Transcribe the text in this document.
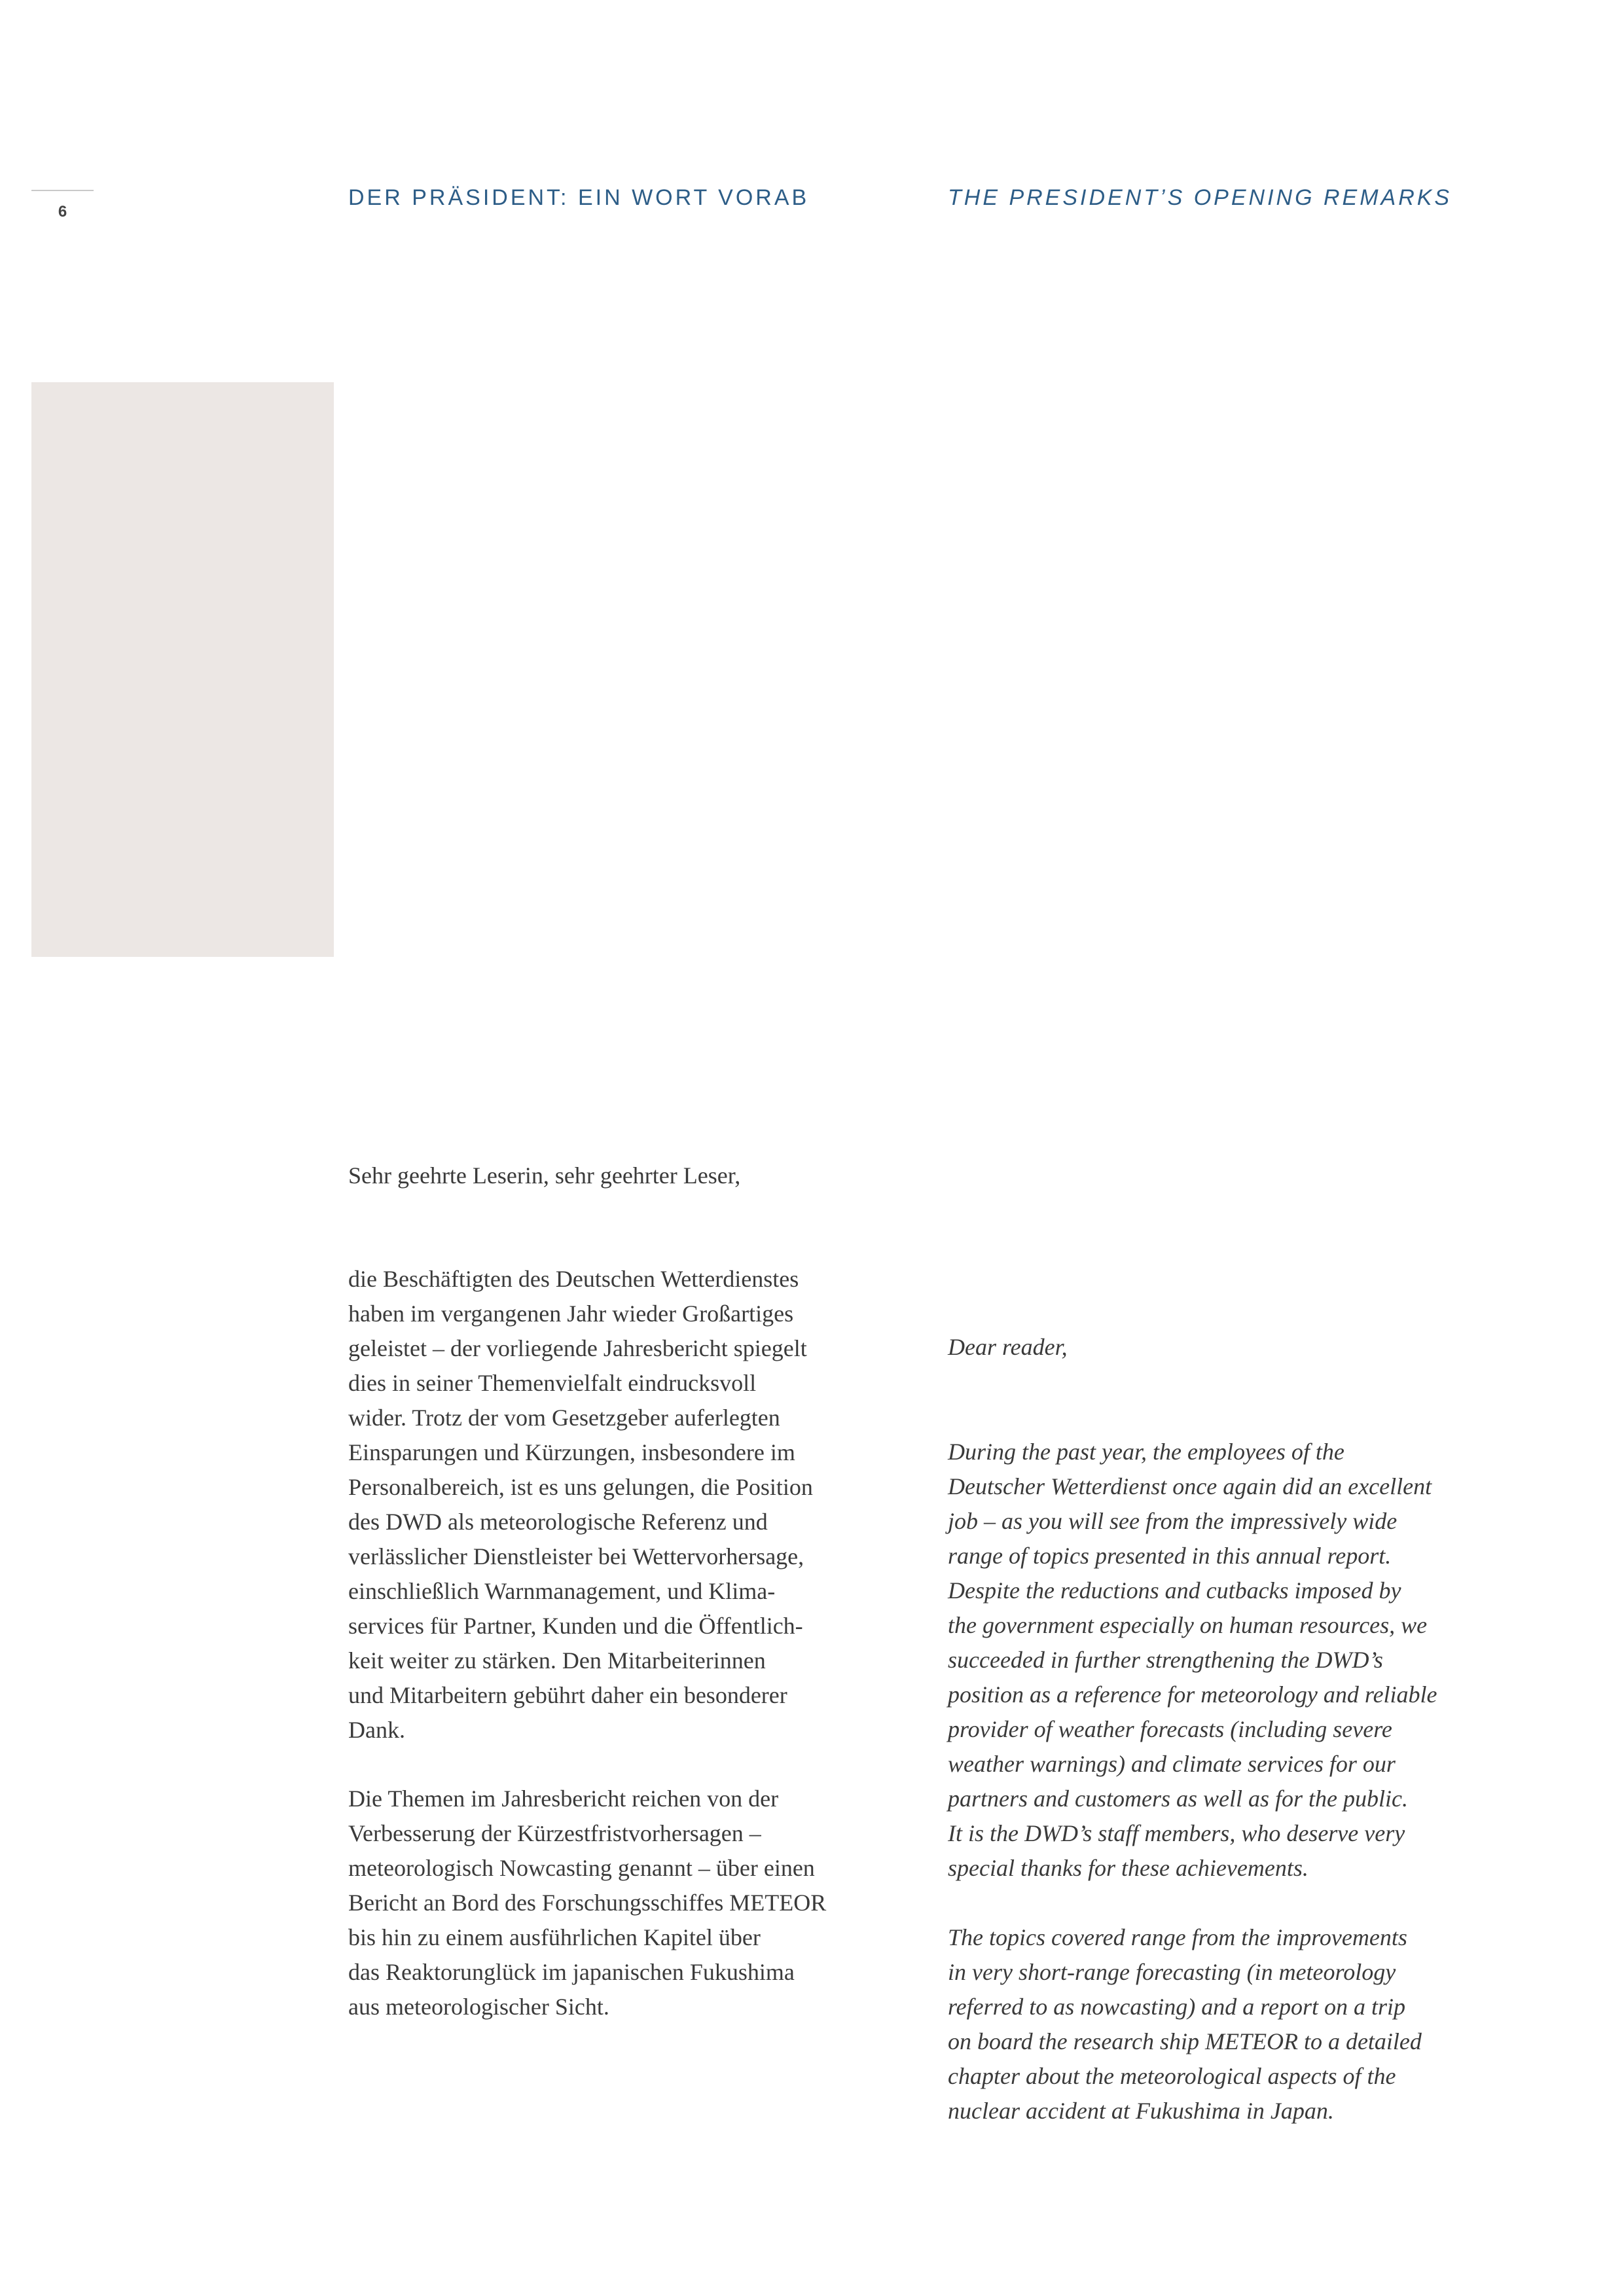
6
DER PRÄSIDENT: EIN WORT VORAB	THE PRESIDENT’S OPENING REMARKS

Sehr geehrte Leserin, sehr geehrter Leser,

die Beschäftigten des Deutschen Wetterdienstes
haben im vergangenen Jahr wieder Großartiges
geleistet – der vorliegende Jahresbericht spiegelt
dies in seiner Themenvielfalt eindrucksvoll
wider. Trotz der vom Gesetzgeber auferlegten
Einsparungen und Kürzungen, insbesondere im
Personalbereich, ist es uns gelungen, die Position
des DWD als meteorologische Referenz und
verlässlicher Dienstleister bei Wettervorhersage,
einschließlich Warnmanagement, und Klima-
services für Partner, Kunden und die Öffentlich-
keit weiter zu stärken. Den Mitarbeiterinnen
und Mitarbeitern gebührt daher ein besonderer
Dank.

Die Themen im Jahresbericht reichen von der
Verbesserung der Kürzestfristvorhersagen –
meteorologisch Nowcasting genannt – über einen
Bericht an Bord des Forschungsschiffes METEOR
bis hin zu einem ausführlichen Kapitel über
das Reaktorunglück im japanischen Fukushima
aus meteorologischer Sicht.

Dear reader,

During the past year, the employees of the
Deutscher Wetterdienst once again did an excellent
job – as you will see from the impressively wide
range of topics presented in this annual report.
Despite the reductions and cutbacks imposed by
the government especially on human resources, we
succeeded in further strengthening the DWD’s
position as a reference for meteorology and reliable
provider of weather forecasts (including severe
weather warnings) and climate services for our
partners and customers as well as for the public.
It is the DWD’s staff members, who deserve very
special thanks for these achievements.

The topics covered range from the improvements
in very short-range forecasting (in meteorology
referred to as nowcasting) and a report on a trip
on board the research ship METEOR to a detailed
chapter about the meteorological aspects of the
nuclear accident at Fukushima in Japan.
